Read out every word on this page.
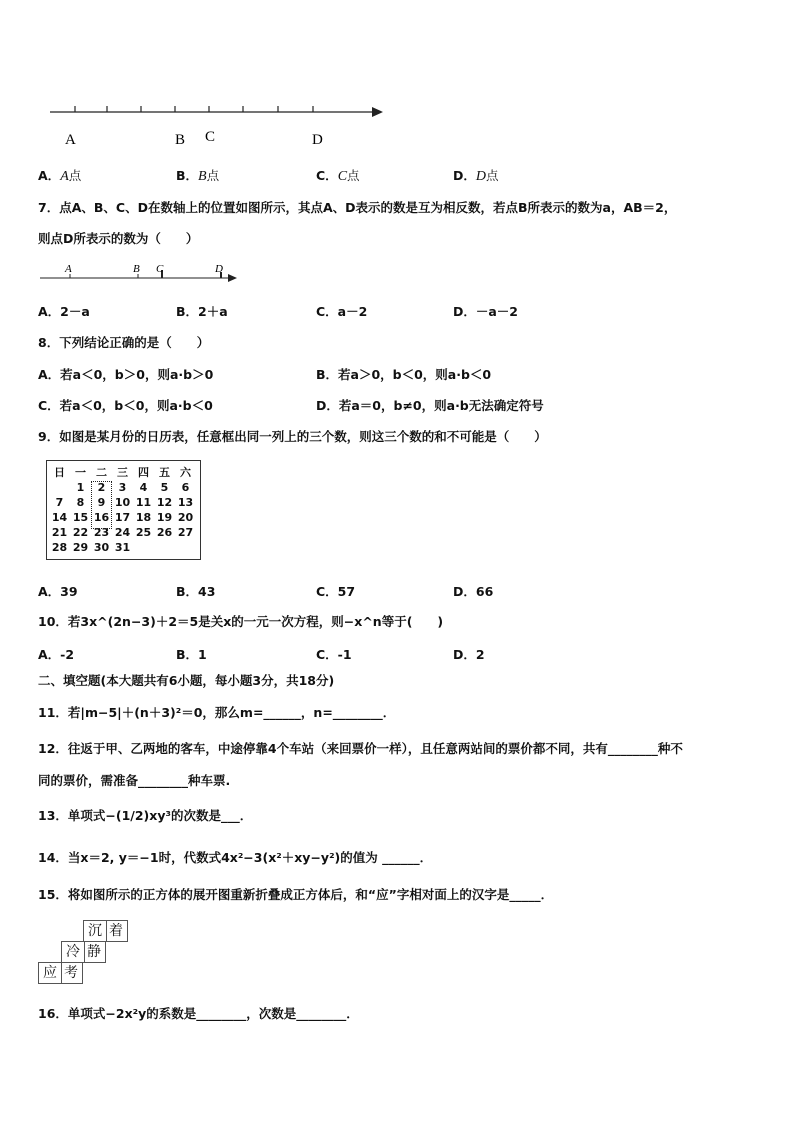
A	B C	D
A．A点	B．B点	C．C点	D．D点
7．点A、B、C、D在数轴上的位置如图所示，其点A、D表示的数是互为相反数，若点B所表示的数为a，AB＝2，
则点D所表示的数为（　　）
A	B C	D
A．2－a	B．2＋a	C．a－2	D．－a－2
8．下列结论正确的是（　　）
A．若a＜0，b＞0，则a·b＞0	B．若a＞0，b＜0，则a·b＜0
C．若a＜0，b＜0，则a·b＜0	D．若a＝0，b≠0，则a·b无法确定符号
9．如图是某月份的日历表，任意框出同一列上的三个数，则这三个数的和不可能是（　　）
日	一	二	三	四	五	六
	1	2	3	4	5	6
7	8	9	10	11	12	13
14	15	16	17	18	19	20
21	22	23	24	25	26	27
28	29	30	31			
A．39	B．43	C．57	D．66
10．若3x^(2n−3)＋2＝5是关x的一元一次方程，则−x^n等于(　　)
A．-2	B．1	C．-1	D．2
二、填空题(本大题共有6小题，每小题3分，共18分)
11．若|m−5|＋(n＋3)²＝0，那么m=______，n=________．
12．往返于甲、乙两地的客车，中途停靠4个车站（来回票价一样），且任意两站间的票价都不同，共有________种不
同的票价，需准备________种车票.
13．单项式−(1/2)xy³的次数是___．
14．当x＝2, y＝−1时，代数式4x²−3(x²＋xy−y²)的值为 ______．
15．将如图所示的正方体的展开图重新折叠成正方体后，和“应”字相对面上的汉字是_____．
沉 着
冷 静
应 考
16．单项式−2x²y的系数是________，次数是________．
